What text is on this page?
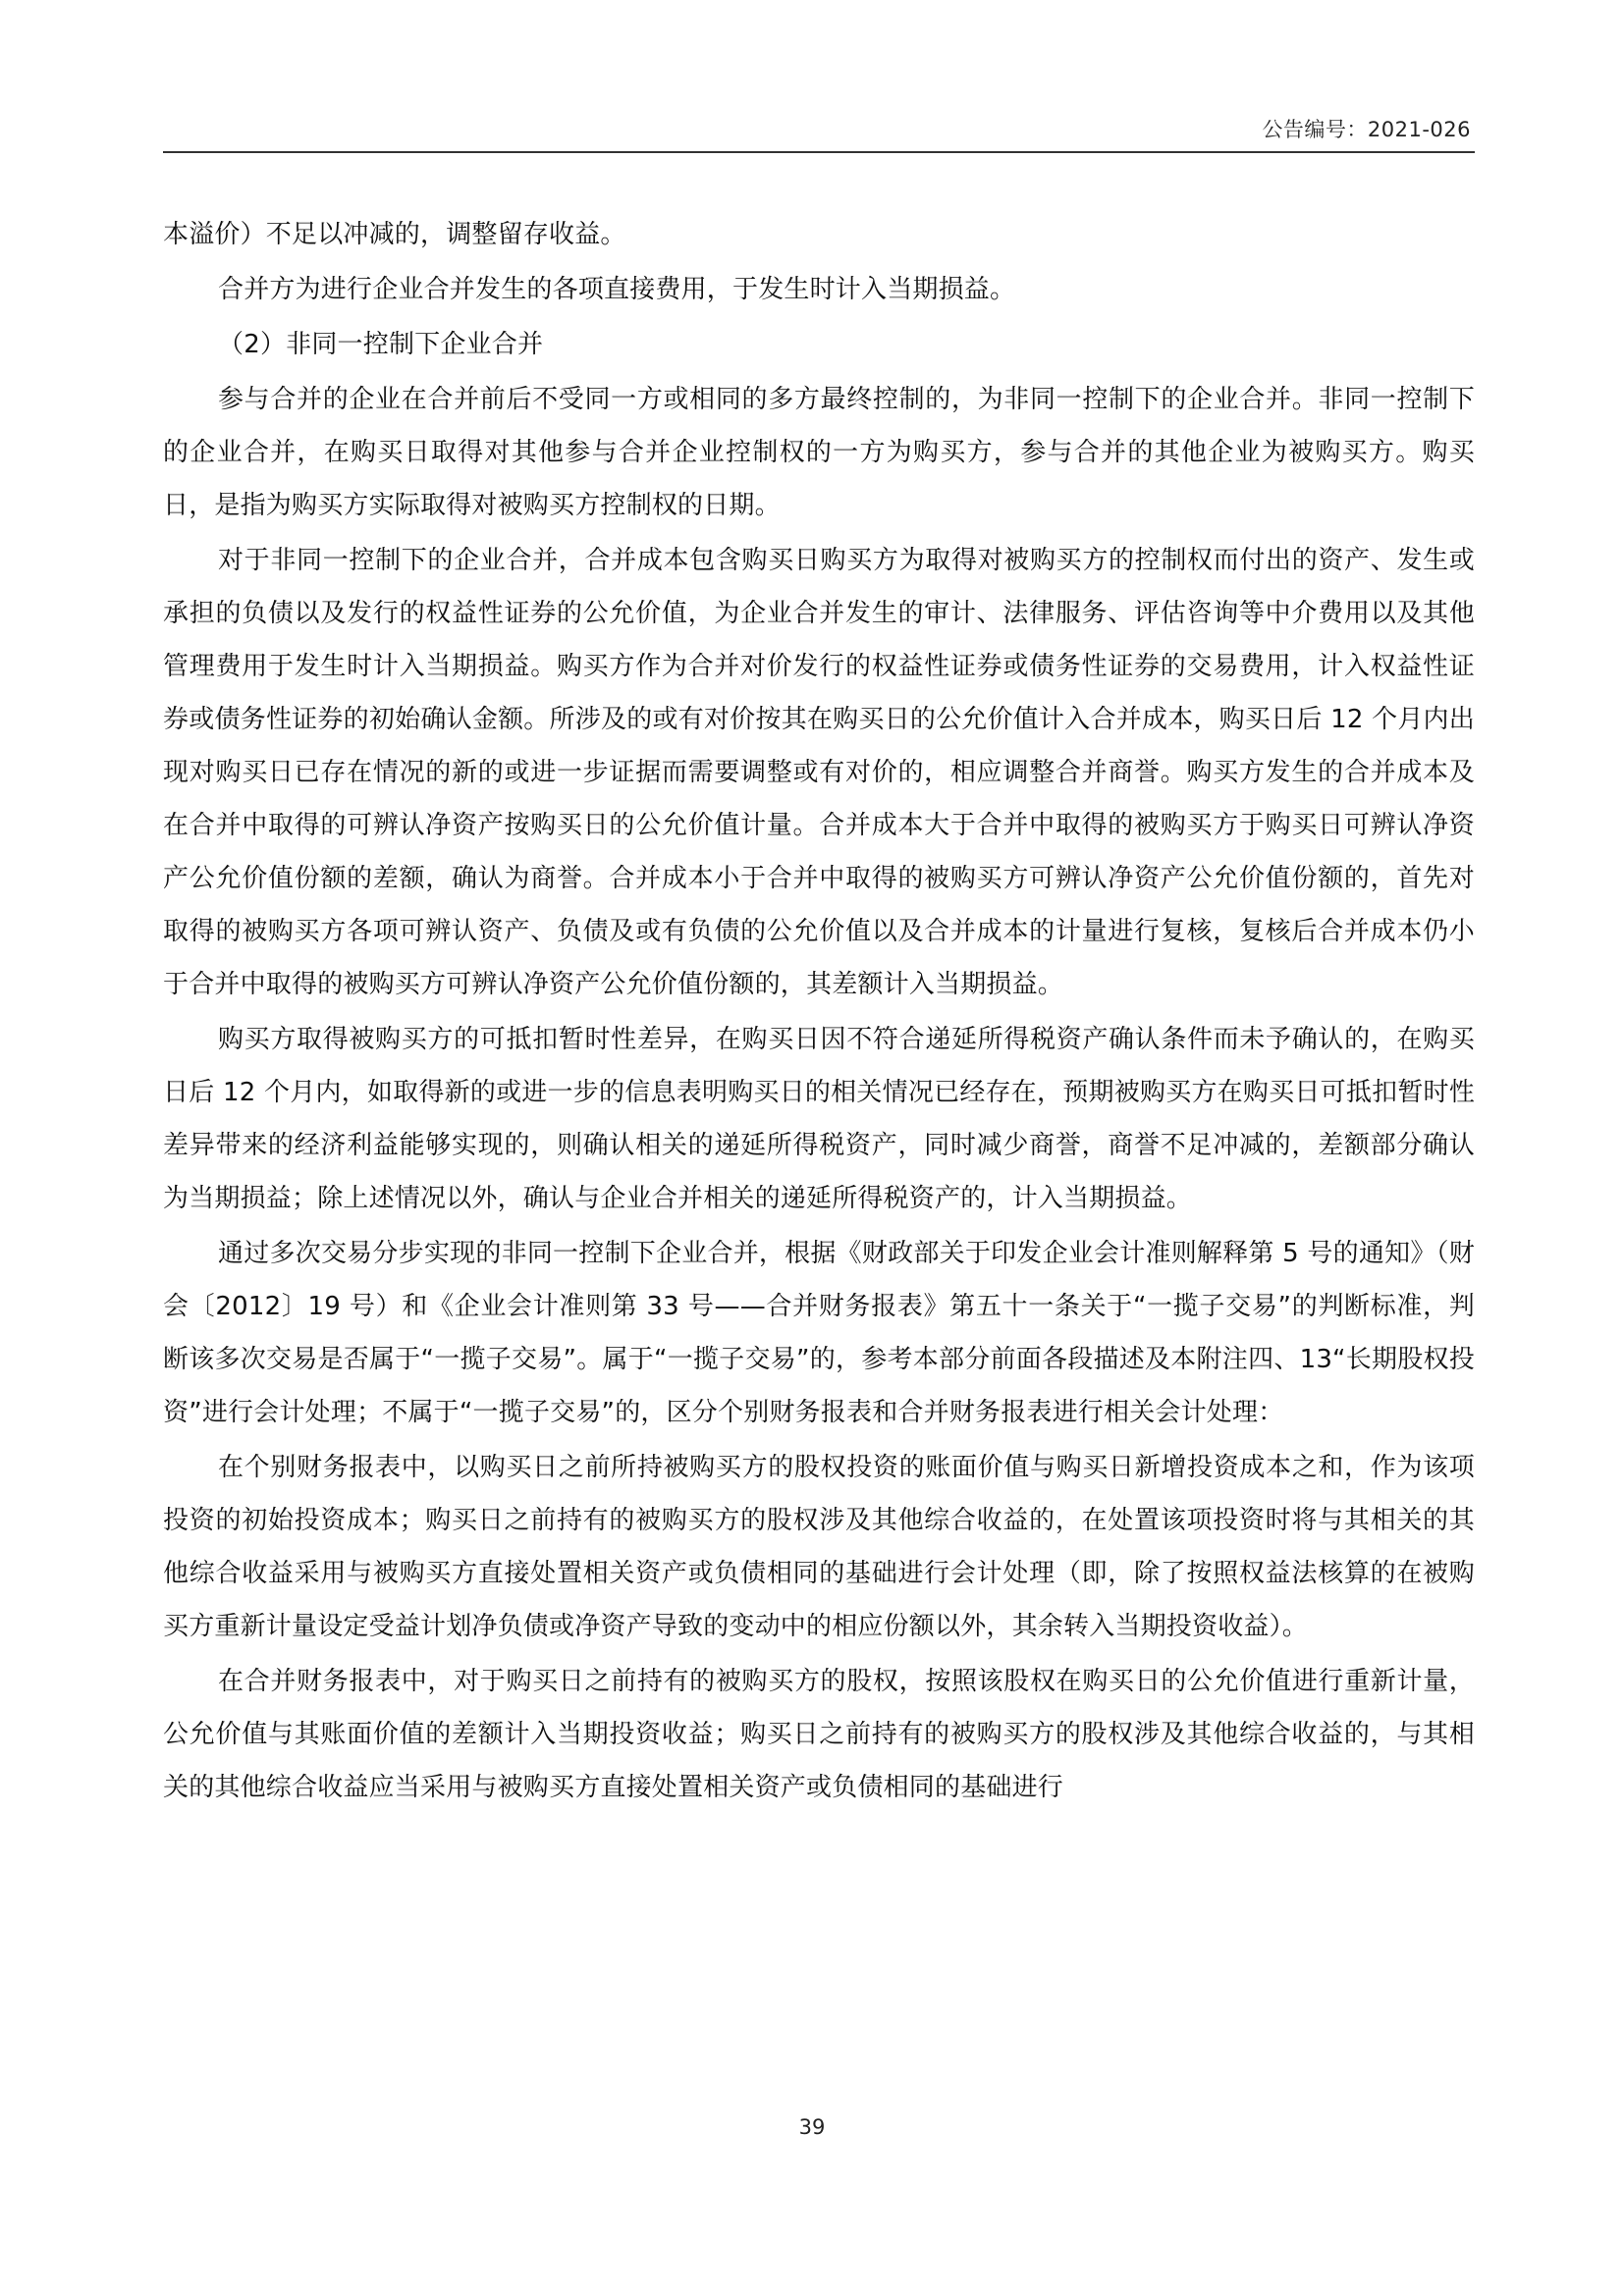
公告编号：2021-026

本溢价）不足以冲减的，调整留存收益。

合并方为进行企业合并发生的各项直接费用，于发生时计入当期损益。

（2）非同一控制下企业合并

参与合并的企业在合并前后不受同一方或相同的多方最终控制的，为非同一控制下的企业合并。非同一控制下的企业合并，在购买日取得对其他参与合并企业控制权的一方为购买方，参与合并的其他企业为被购买方。购买日，是指为购买方实际取得对被购买方控制权的日期。

对于非同一控制下的企业合并，合并成本包含购买日购买方为取得对被购买方的控制权而付出的资产、发生或承担的负债以及发行的权益性证券的公允价值，为企业合并发生的审计、法律服务、评估咨询等中介费用以及其他管理费用于发生时计入当期损益。购买方作为合并对价发行的权益性证券或债务性证券的交易费用，计入权益性证券或债务性证券的初始确认金额。所涉及的或有对价按其在购买日的公允价值计入合并成本，购买日后 12 个月内出现对购买日已存在情况的新的或进一步证据而需要调整或有对价的，相应调整合并商誉。购买方发生的合并成本及在合并中取得的可辨认净资产按购买日的公允价值计量。合并成本大于合并中取得的被购买方于购买日可辨认净资产公允价值份额的差额，确认为商誉。合并成本小于合并中取得的被购买方可辨认净资产公允价值份额的，首先对取得的被购买方各项可辨认资产、负债及或有负债的公允价值以及合并成本的计量进行复核，复核后合并成本仍小于合并中取得的被购买方可辨认净资产公允价值份额的，其差额计入当期损益。

购买方取得被购买方的可抵扣暂时性差异，在购买日因不符合递延所得税资产确认条件而未予确认的，在购买日后 12 个月内，如取得新的或进一步的信息表明购买日的相关情况已经存在，预期被购买方在购买日可抵扣暂时性差异带来的经济利益能够实现的，则确认相关的递延所得税资产，同时减少商誉，商誉不足冲减的，差额部分确认为当期损益；除上述情况以外，确认与企业合并相关的递延所得税资产的，计入当期损益。

通过多次交易分步实现的非同一控制下企业合并，根据《财政部关于印发企业会计准则解释第 5 号的通知》（财会〔2012〕19 号）和《企业会计准则第 33 号——合并财务报表》第五十一条关于“一揽子交易”的判断标准，判断该多次交易是否属于“一揽子交易”。属于“一揽子交易”的，参考本部分前面各段描述及本附注四、13“长期股权投资”进行会计处理；不属于“一揽子交易”的，区分个别财务报表和合并财务报表进行相关会计处理：

在个别财务报表中，以购买日之前所持被购买方的股权投资的账面价值与购买日新增投资成本之和，作为该项投资的初始投资成本；购买日之前持有的被购买方的股权涉及其他综合收益的，在处置该项投资时将与其相关的其他综合收益采用与被购买方直接处置相关资产或负债相同的基础进行会计处理（即，除了按照权益法核算的在被购买方重新计量设定受益计划净负债或净资产导致的变动中的相应份额以外，其余转入当期投资收益）。

在合并财务报表中，对于购买日之前持有的被购买方的股权，按照该股权在购买日的公允价值进行重新计量，公允价值与其账面价值的差额计入当期投资收益；购买日之前持有的被购买方的股权涉及其他综合收益的，与其相关的其他综合收益应当采用与被购买方直接处置相关资产或负债相同的基础进行

39
